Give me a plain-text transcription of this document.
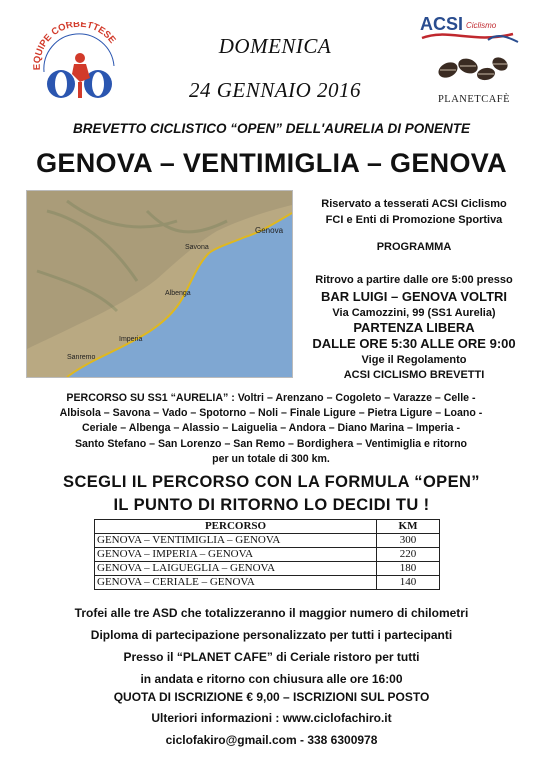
EQUIPE CORBETTESE
ACSI Ciclismo
PLANETCAFÈ
DOMENICA
24 GENNAIO 2016
BREVETTO CICLISTICO “OPEN” DELL'AURELIA DI PONENTE
GENOVA – VENTIMIGLIA – GENOVA
Genova
Savona
Imperia
Albenga
Sanremo
Riservato a tesserati ACSI Ciclismo
FCI e Enti di Promozione Sportiva
PROGRAMMA
Ritrovo a partire dalle ore 5:00 presso
BAR LUIGI – GENOVA VOLTRI
Via Camozzini, 99 (SS1 Aurelia)
PARTENZA LIBERA
DALLE ORE 5:30 ALLE ORE 9:00
Vige il Regolamento
ACSI CICLISMO BREVETTI
PERCORSO SU SS1 “AURELIA” : Voltri – Arenzano – Cogoleto – Varazze – Celle -
Albisola – Savona – Vado – Spotorno – Noli – Finale Ligure – Pietra Ligure – Loano -
Ceriale – Albenga – Alassio – Laiguelia – Andora – Diano Marina – Imperia -
Santo Stefano – San Lorenzo – San Remo – Bordighera – Ventimiglia e ritorno
per un totale di 300 km.
SCEGLI IL PERCORSO CON LA FORMULA “OPEN”
IL PUNTO DI RITORNO LO DECIDI TU !
PERCORSO	KM
GENOVA – VENTIMIGLIA – GENOVA	300
GENOVA – IMPERIA – GENOVA	220
GENOVA – LAIGUEGLIA – GENOVA	180
GENOVA – CERIALE – GENOVA	140
Trofei alle tre ASD che totalizzeranno il maggior numero di chilometri
Diploma di partecipazione personalizzato per tutti i partecipanti
Presso il “PLANET CAFE” di Ceriale ristoro per tutti
in andata e ritorno con chiusura alle ore 16:00
QUOTA DI ISCRIZIONE € 9,00 – ISCRIZIONI SUL POSTO
Ulteriori informazioni : www.ciclofachiro.it
ciclofakiro@gmail.com - 338 6300978
